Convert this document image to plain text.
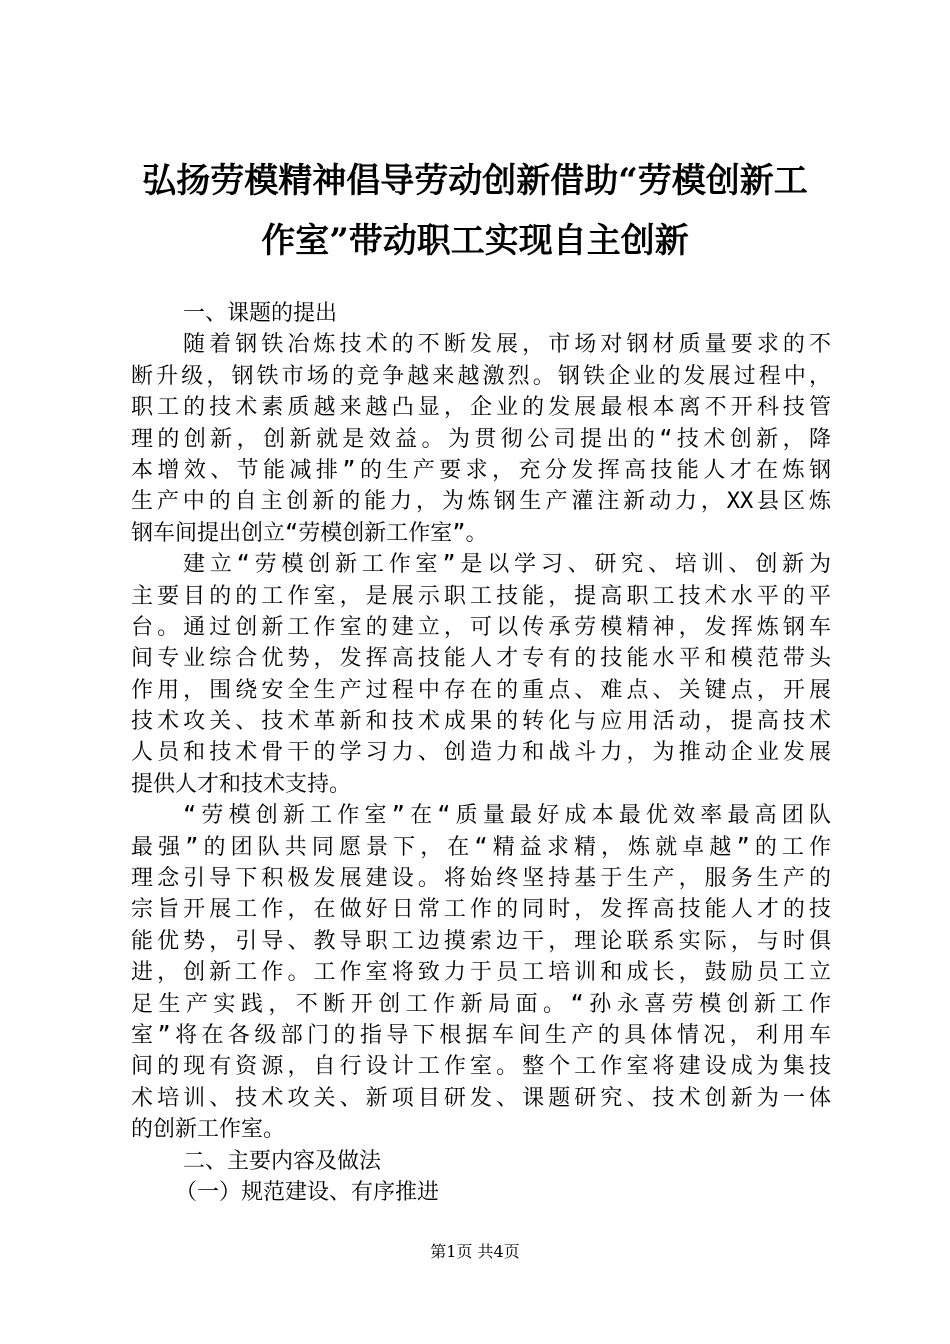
弘扬劳模精神倡导劳动创新借助“劳模创新工
作室”带动职工实现自主创新
一、课题的提出
随着钢铁冶炼技术的不断发展，市场对钢材质量要求的不
断升级，钢铁市场的竞争越来越激烈。钢铁企业的发展过程中，
职工的技术素质越来越凸显，企业的发展最根本离不开科技管
理的创新，创新就是效益。为贯彻公司提出的“技术创新，降
本增效、节能减排”的生产要求，充分发挥高技能人才在炼钢
生产中的自主创新的能力，为炼钢生产灌注新动力，XX县区炼
钢车间提出创立“劳模创新工作室”。
建立“劳模创新工作室”是以学习、研究、培训、创新为
主要目的的工作室，是展示职工技能，提高职工技术水平的平
台。通过创新工作室的建立，可以传承劳模精神，发挥炼钢车
间专业综合优势，发挥高技能人才专有的技能水平和模范带头
作用，围绕安全生产过程中存在的重点、难点、关键点，开展
技术攻关、技术革新和技术成果的转化与应用活动，提高技术
人员和技术骨干的学习力、创造力和战斗力，为推动企业发展
提供人才和技术支持。
“劳模创新工作室”在“质量最好成本最优效率最高团队
最强”的团队共同愿景下，在“精益求精，炼就卓越”的工作
理念引导下积极发展建设。将始终坚持基于生产，服务生产的
宗旨开展工作，在做好日常工作的同时，发挥高技能人才的技
能优势，引导、教导职工边摸索边干，理论联系实际，与时俱
进，创新工作。工作室将致力于员工培训和成长，鼓励员工立
足生产实践，不断开创工作新局面。“孙永喜劳模创新工作
室”将在各级部门的指导下根据车间生产的具体情况，利用车
间的现有资源，自行设计工作室。整个工作室将建设成为集技
术培训、技术攻关、新项目研发、课题研究、技术创新为一体
的创新工作室。
二、主要内容及做法
（一）规范建设、有序推进
第1页 共4页
